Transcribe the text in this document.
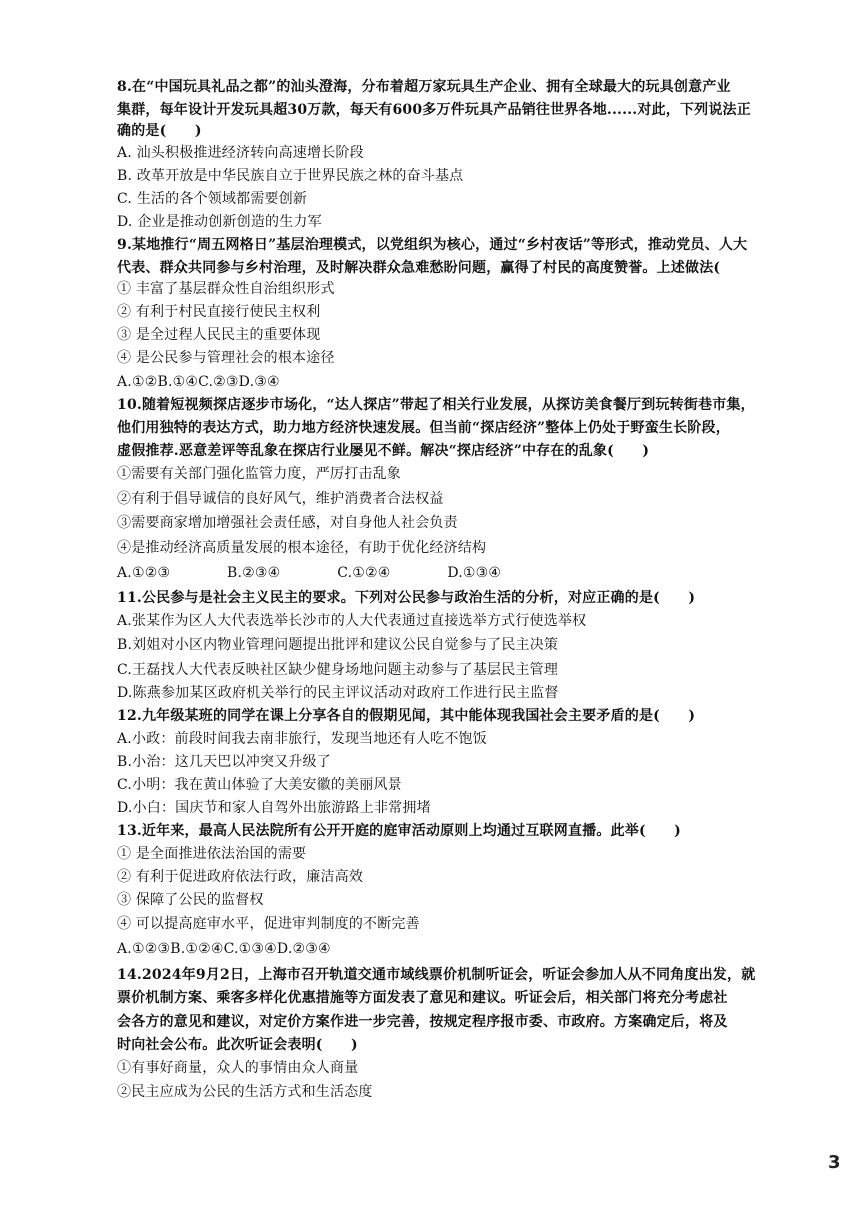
8.在“中国玩具礼品之都”的汕头澄海，分布着超万家玩具生产企业、拥有全球最大的玩具创意产业
集群，每年设计开发玩具超30万款，每天有600多万件玩具产品销往世界各地......对此，下列说法正
确的是(　　)
A. 汕头积极推进经济转向高速增长阶段
B. 改革开放是中华民族自立于世界民族之林的奋斗基点
C. 生活的各个领域都需要创新
D. 企业是推动创新创造的生力军
9.某地推行“周五网格日”基层治理模式，以党组织为核心，通过“乡村夜话”等形式，推动党员、人大
代表、群众共同参与乡村治理，及时解决群众急难愁盼问题，赢得了村民的高度赞誉。上述做法(
① 丰富了基层群众性自治组织形式
② 有利于村民直接行使民主权利
③ 是全过程人民民主的重要体现
④ 是公民参与管理社会的根本途径
A.①②B.①④C.②③D.③④
10.随着短视频探店逐步市场化，“达人探店”带起了相关行业发展，从探访美食餐厅到玩转街巷市集，
他们用独特的表达方式，助力地方经济快速发展。但当前“探店经济”整体上仍处于野蛮生长阶段，
虚假推荐.恶意差评等乱象在探店行业屡见不鲜。解决“探店经济”中存在的乱象(　　)
①需要有关部门强化监管力度，严厉打击乱象
②有利于倡导诚信的良好风气，维护消费者合法权益
③需要商家增加增强社会责任感，对自身他人社会负责
④是推动经济高质量发展的根本途径，有助于优化经济结构
A.①②③　　　　B.②③④　　　　C.①②④　　　　D.①③④
11.公民参与是社会主义民主的要求。下列对公民参与政治生活的分析，对应正确的是(　　)
A.张某作为区人大代表选举长沙市的人大代表通过直接选举方式行使选举权
B.刘姐对小区内物业管理问题提出批评和建议公民自觉参与了民主决策
C.王磊找人大代表反映社区缺少健身场地问题主动参与了基层民主管理
D.陈燕参加某区政府机关举行的民主评议活动对政府工作进行民主监督
12.九年级某班的同学在课上分享各自的假期见闻，其中能体现我国社会主要矛盾的是(　　)
A.小政：前段时间我去南非旅行，发现当地还有人吃不饱饭
B.小治：这几天巴以冲突又升级了
C.小明：我在黄山体验了大美安徽的美丽风景
D.小白：国庆节和家人自驾外出旅游路上非常拥堵
13.近年来，最高人民法院所有公开开庭的庭审活动原则上均通过互联网直播。此举(　　)
① 是全面推进依法治国的需要
② 有利于促进政府依法行政，廉洁高效
③ 保障了公民的监督权
④ 可以提高庭审水平，促进审判制度的不断完善
A.①②③B.①②④C.①③④D.②③④
14.2024年9月2日，上海市召开轨道交通市域线票价机制听证会，听证会参加人从不同角度出发，就
票价机制方案、乘客多样化优惠措施等方面发表了意见和建议。听证会后，相关部门将充分考虑社
会各方的意见和建议，对定价方案作进一步完善，按规定程序报市委、市政府。方案确定后，将及
时向社会公布。此次听证会表明(　　)
①有事好商量，众人的事情由众人商量
②民主应成为公民的生活方式和生活态度
3
